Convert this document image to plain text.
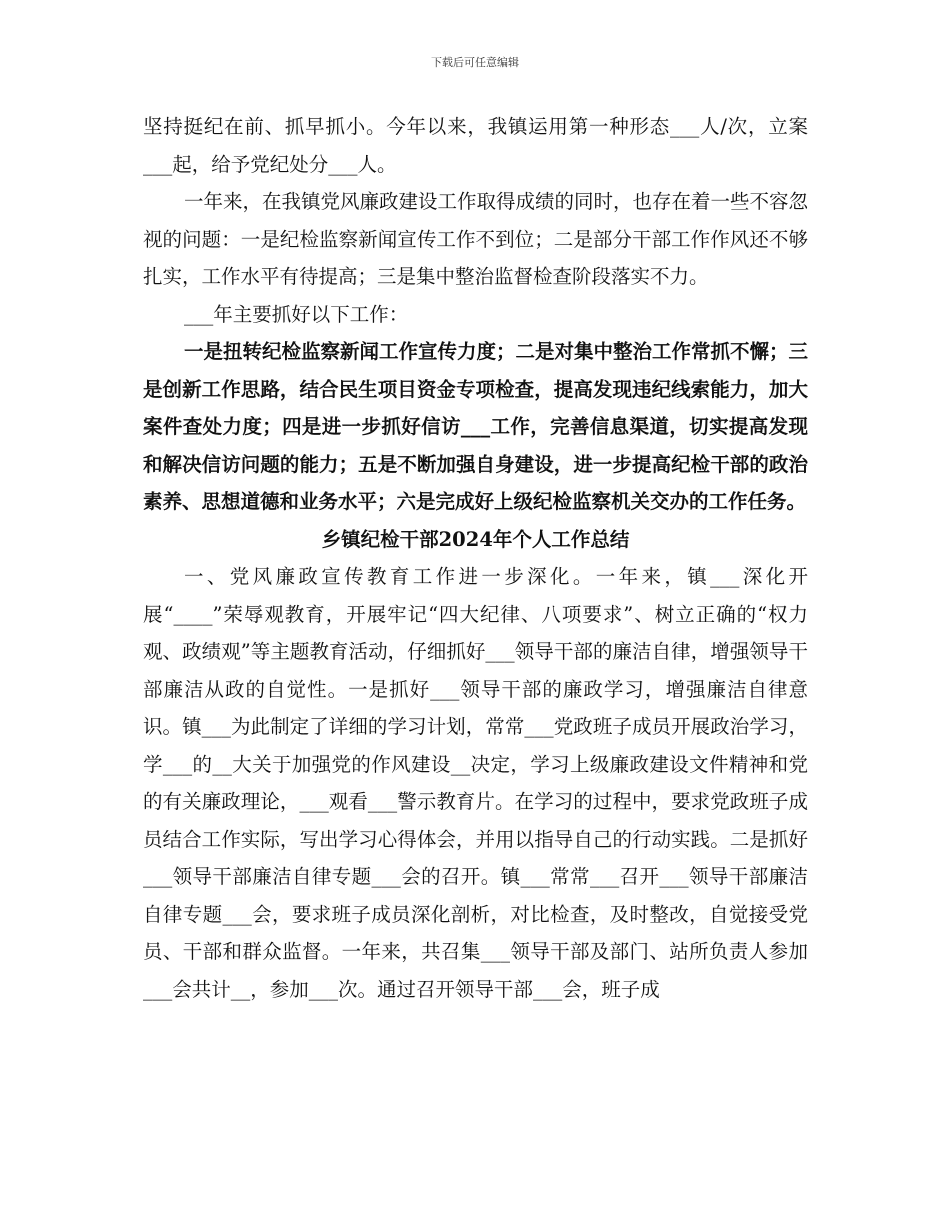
下载后可任意编辑

坚持挺纪在前、抓早抓小。今年以来，我镇运用第一种形态___人/次，立案___起，给予党纪处分___人。

一年来，在我镇党风廉政建设工作取得成绩的同时，也存在着一些不容忽视的问题：一是纪检监察新闻宣传工作不到位；二是部分干部工作作风还不够扎实，工作水平有待提高；三是集中整治监督检查阶段落实不力。

___年主要抓好以下工作：

一是扭转纪检监察新闻工作宣传力度；二是对集中整治工作常抓不懈；三是创新工作思路，结合民生项目资金专项检查，提高发现违纪线索能力，加大案件查处力度；四是进一步抓好信访___工作，完善信息渠道，切实提高发现和解决信访问题的能力；五是不断加强自身建设，进一步提高纪检干部的政治素养、思想道德和业务水平；六是完成好上级纪检监察机关交办的工作任务。

乡镇纪检干部2024年个人工作总结

一、党风廉政宣传教育工作进一步深化。一年来，镇___深化开展“____”荣辱观教育，开展牢记“四大纪律、八项要求”、树立正确的“权力观、政绩观”等主题教育活动，仔细抓好___领导干部的廉洁自律，增强领导干部廉洁从政的自觉性。一是抓好___领导干部的廉政学习，增强廉洁自律意识。镇___为此制定了详细的学习计划，常常___党政班子成员开展政治学习，学___的__大关于加强党的作风建设__决定，学习上级廉政建设文件精神和党的有关廉政理论，___观看___警示教育片。在学习的过程中，要求党政班子成员结合工作实际，写出学习心得体会，并用以指导自己的行动实践。二是抓好___领导干部廉洁自律专题___会的召开。镇___常常___召开___领导干部廉洁自律专题___会，要求班子成员深化剖析，对比检查，及时整改，自觉接受党员、干部和群众监督。一年来，共召集___领导干部及部门、站所负责人参加___会共计__，参加___次。通过召开领导干部___会，班子成
